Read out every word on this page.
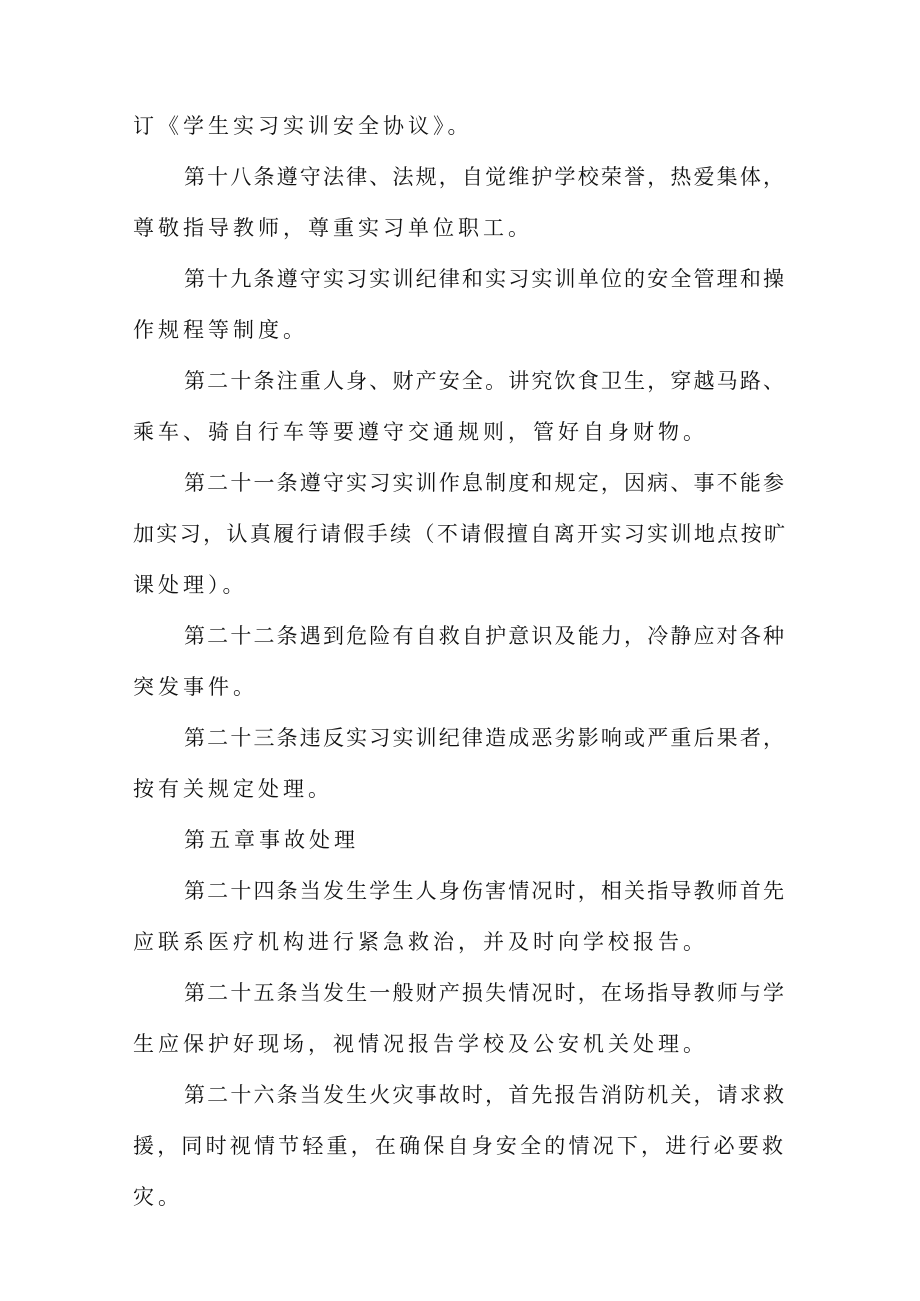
订《学生实习实训安全协议》。
第十八条遵守法律、法规，自觉维护学校荣誉，热爱集体，
尊敬指导教师，尊重实习单位职工。
第十九条遵守实习实训纪律和实习实训单位的安全管理和操
作规程等制度。
第二十条注重人身、财产安全。讲究饮食卫生，穿越马路、
乘车、骑自行车等要遵守交通规则，管好自身财物。
第二十一条遵守实习实训作息制度和规定，因病、事不能参
加实习，认真履行请假手续（不请假擅自离开实习实训地点按旷
课处理）。
第二十二条遇到危险有自救自护意识及能力，冷静应对各种
突发事件。
第二十三条违反实习实训纪律造成恶劣影响或严重后果者，
按有关规定处理。
第五章事故处理
第二十四条当发生学生人身伤害情况时，相关指导教师首先
应联系医疗机构进行紧急救治，并及时向学校报告。
第二十五条当发生一般财产损失情况时，在场指导教师与学
生应保护好现场，视情况报告学校及公安机关处理。
第二十六条当发生火灾事故时，首先报告消防机关，请求救
援，同时视情节轻重，在确保自身安全的情况下，进行必要救
灾。
